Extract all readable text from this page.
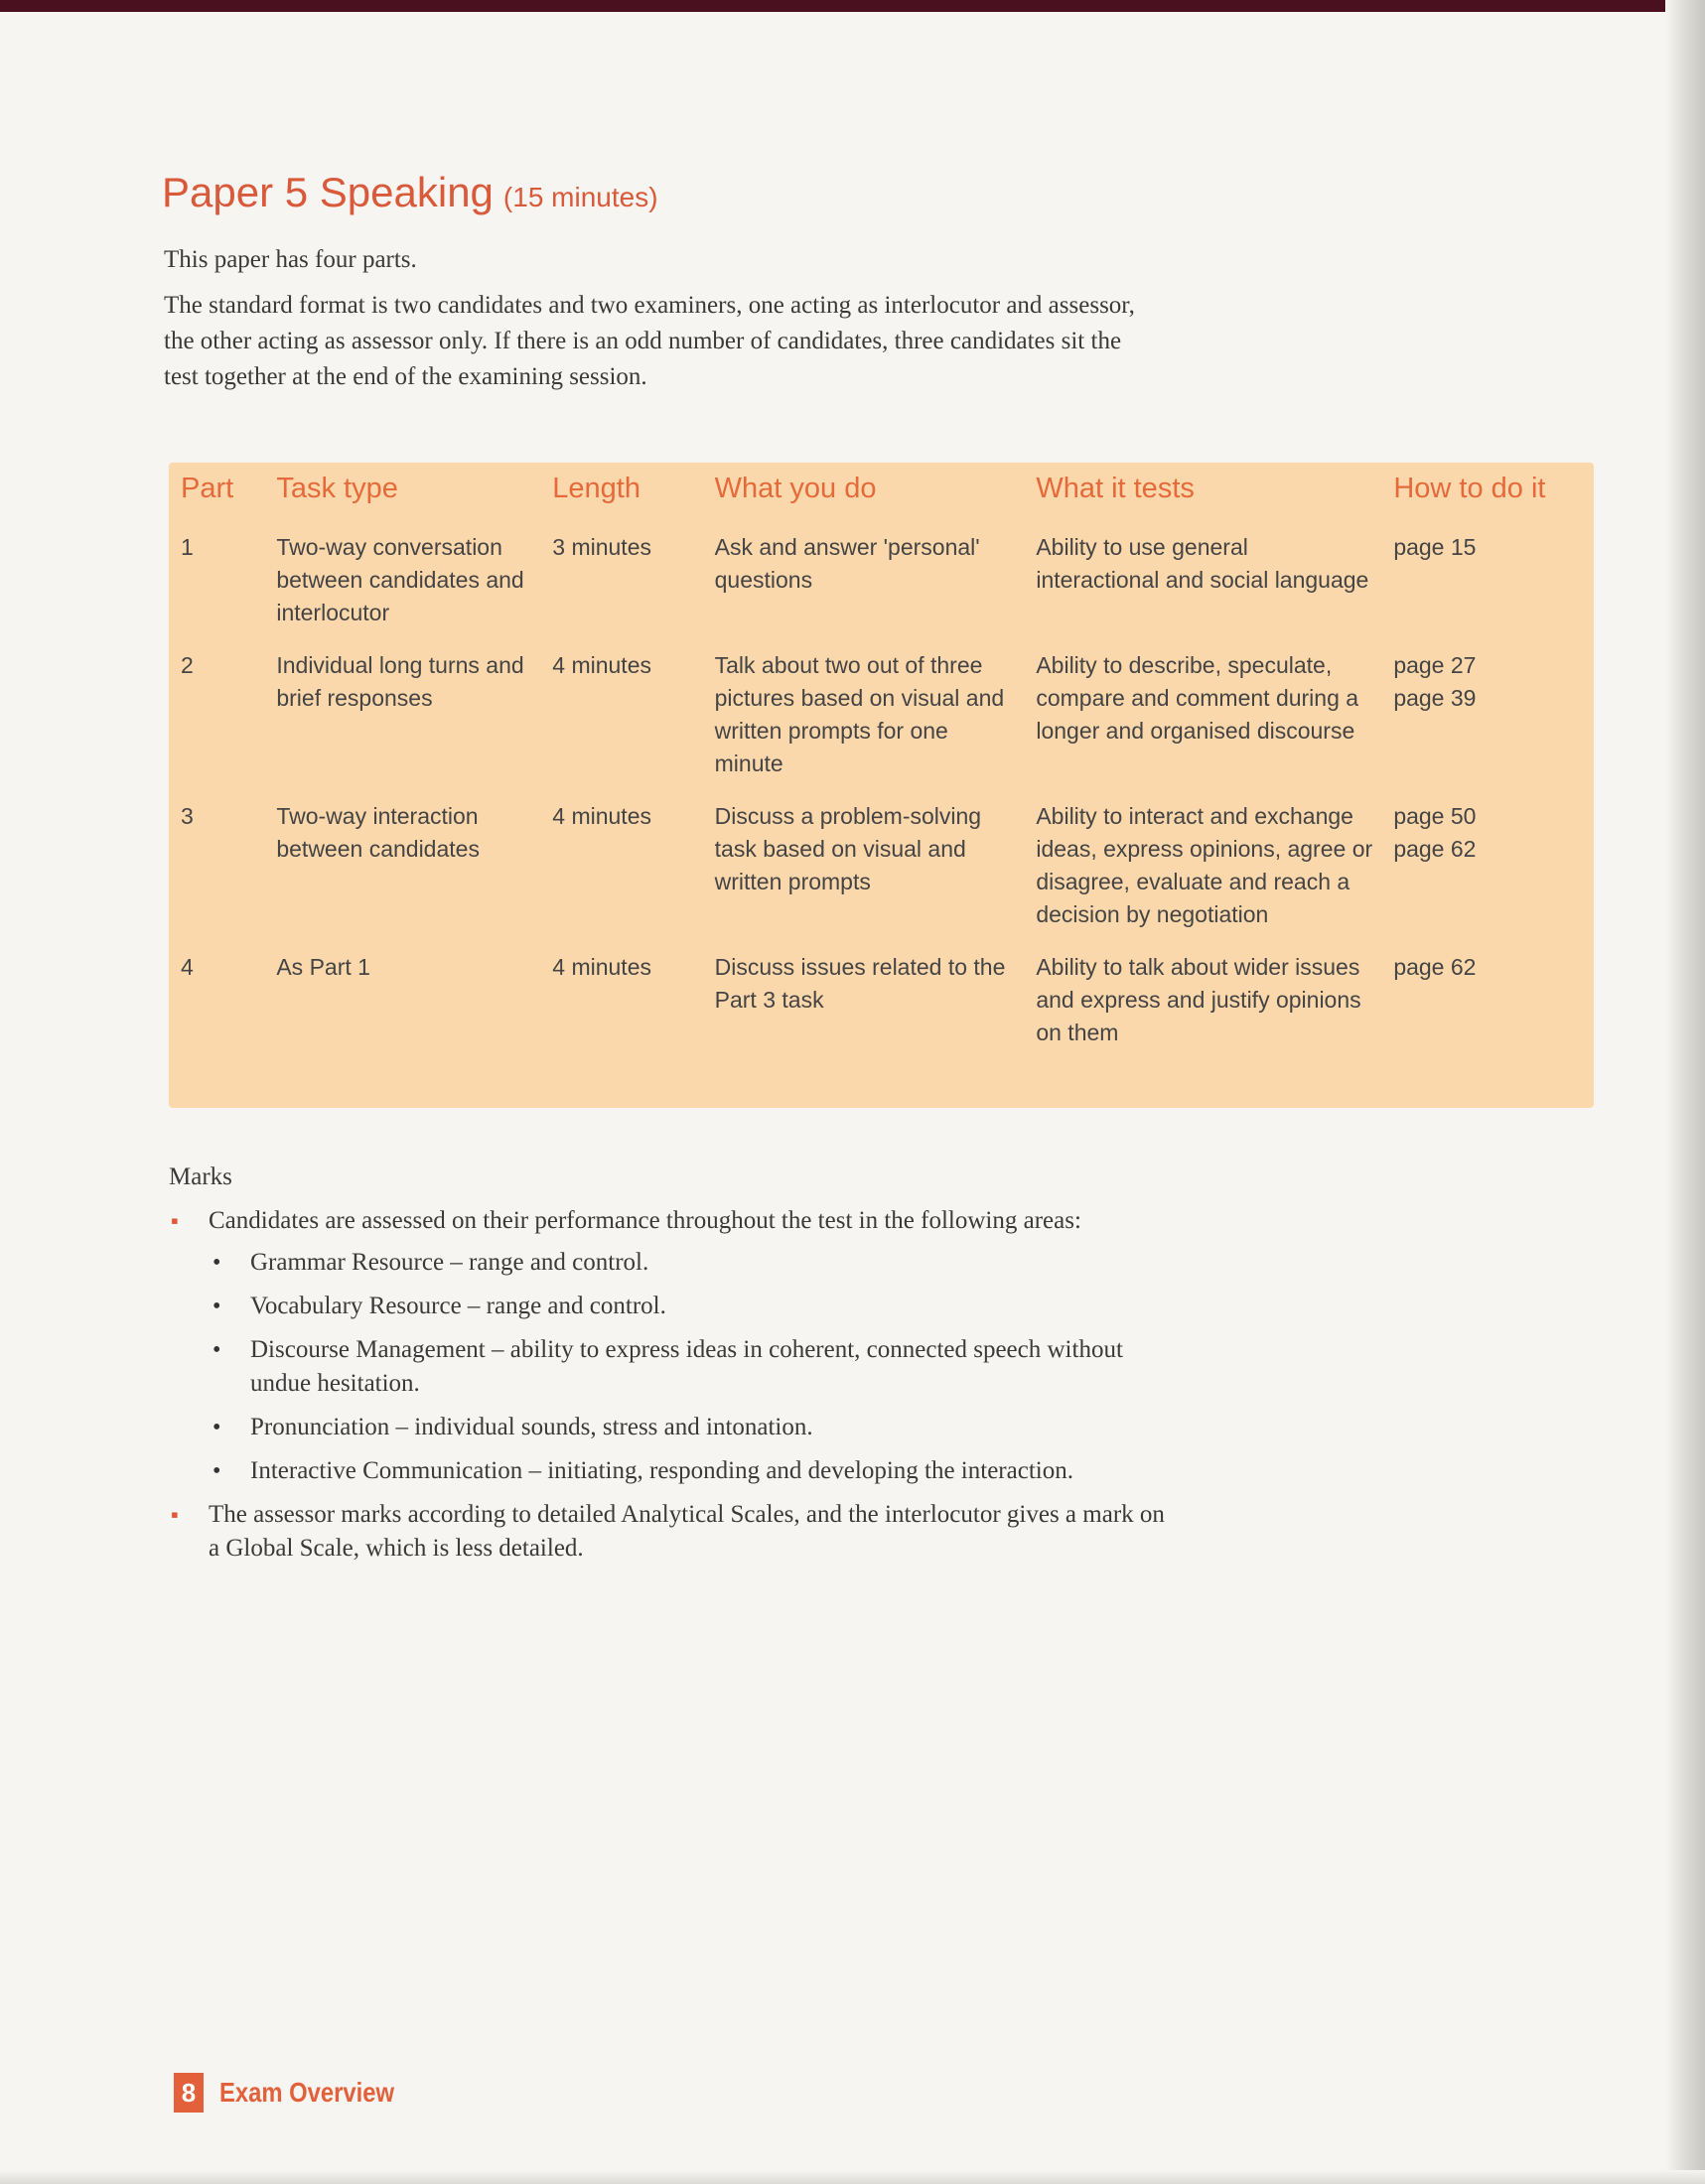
Paper 5 Speaking (15 minutes)

This paper has four parts.

The standard format is two candidates and two examiners, one acting as interlocutor and assessor, the other acting as assessor only. If there is an odd number of candidates, three candidates sit the test together at the end of the examining session.

Part	Task type	Length	What you do	What it tests	How to do it
1	Two-way conversation between candidates and interlocutor	3 minutes	Ask and answer 'personal' questions	Ability to use general interactional and social language	page 15
2	Individual long turns and brief responses	4 minutes	Talk about two out of three pictures based on visual and written prompts for one minute	Ability to describe, speculate, compare and comment during a longer and organised discourse	page 27
page 39
3	Two-way interaction between candidates	4 minutes	Discuss a problem-solving task based on visual and written prompts	Ability to interact and exchange ideas, express opinions, agree or disagree, evaluate and reach a decision by negotiation	page 50
page 62
4	As Part 1	4 minutes	Discuss issues related to the Part 3 task	Ability to talk about wider issues and express and justify opinions on them	page 62
Marks
▪ Candidates are assessed on their performance throughout the test in the following areas:
• Grammar Resource – range and control.
• Vocabulary Resource – range and control.
• Discourse Management – ability to express ideas in coherent, connected speech without undue hesitation.
• Pronunciation – individual sounds, stress and intonation.
• Interactive Communication – initiating, responding and developing the interaction.
▪ The assessor marks according to detailed Analytical Scales, and the interlocutor gives a mark on a Global Scale, which is less detailed.
8 Exam Overview
